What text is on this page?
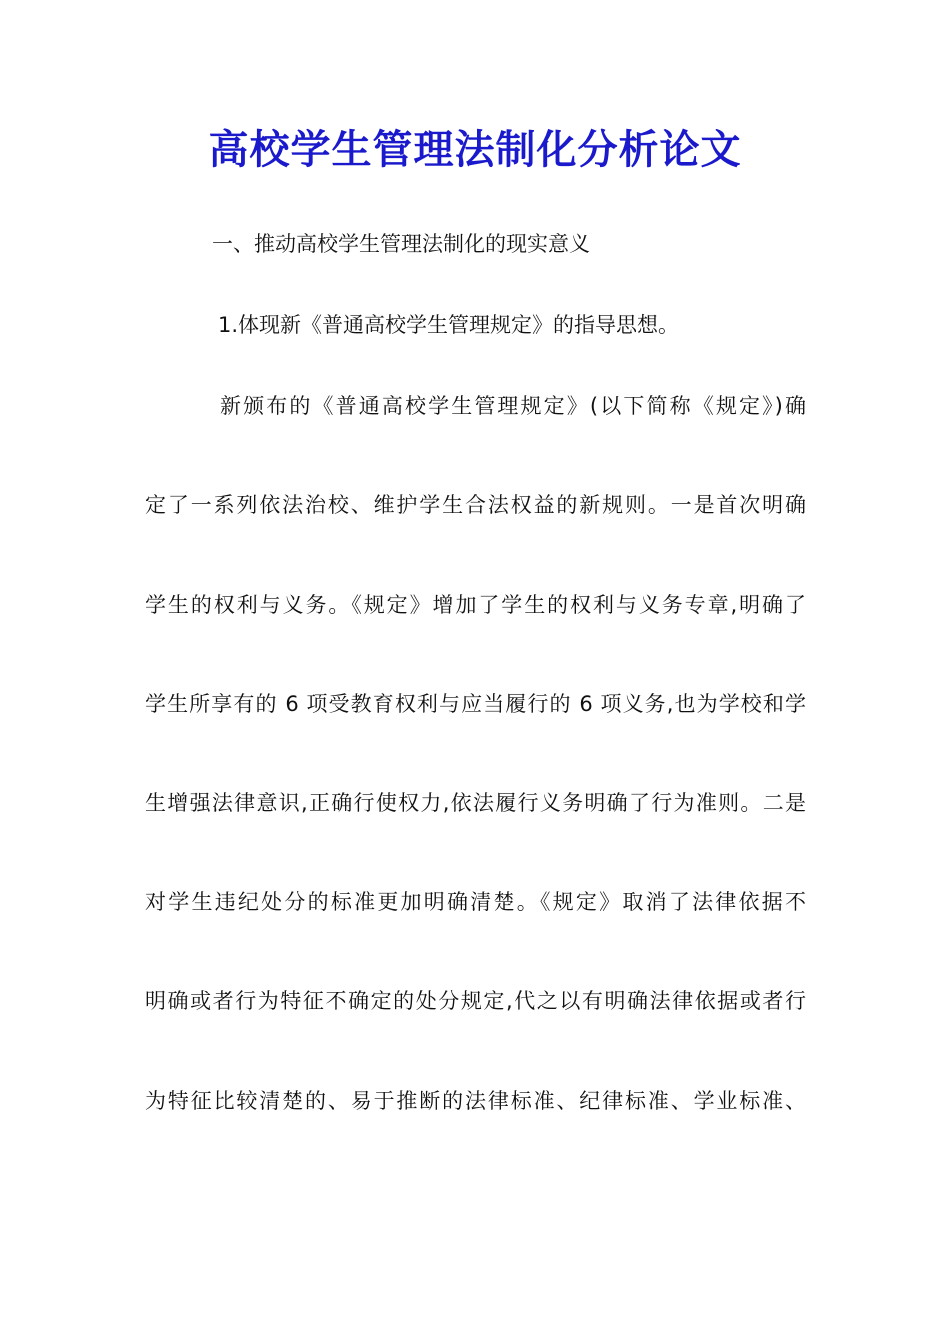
高校学生管理法制化分析论文
一、推动高校学生管理法制化的现实意义
1.体现新《普通高校学生管理规定》的指导思想。
新颁布的《普通高校学生管理规定》(以下简称《规定》)确
定了一系列依法治校、维护学生合法权益的新规则。一是首次明确
学生的权利与义务。《规定》增加了学生的权利与义务专章,明确了
学生所享有的 6 项受教育权利与应当履行的 6 项义务,也为学校和学
生增强法律意识,正确行使权力,依法履行义务明确了行为准则。二是
对学生违纪处分的标准更加明确清楚。《规定》取消了法律依据不
明确或者行为特征不确定的处分规定,代之以有明确法律依据或者行
为特征比较清楚的、易于推断的法律标准、纪律标准、学业标准、
